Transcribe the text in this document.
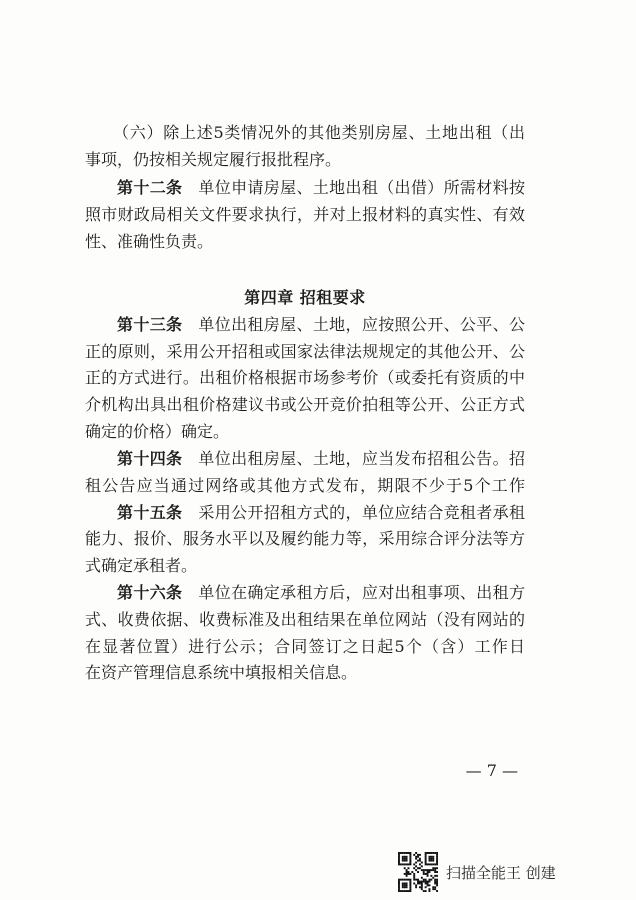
（六）除上述5类情况外的其他类别房屋、土地出租（出
事项，仍按相关规定履行报批程序。
第十二条 单位申请房屋、土地出租（出借）所需材料按
照市财政局相关文件要求执行，并对上报材料的真实性、有效
性、准确性负责。
第四章 招租要求
第十三条 单位出租房屋、土地，应按照公开、公平、公
正的原则，采用公开招租或国家法律法规规定的其他公开、公
正的方式进行。出租价格根据市场参考价（或委托有资质的中
介机构出具出租价格建议书或公开竞价拍租等公开、公正方式
确定的价格）确定。
第十四条 单位出租房屋、土地，应当发布招租公告。招
租公告应当通过网络或其他方式发布，期限不少于5个工作
第十五条 采用公开招租方式的，单位应结合竞租者承租
能力、报价、服务水平以及履约能力等，采用综合评分法等方
式确定承租者。
第十六条 单位在确定承租方后，应对出租事项、出租方
式、收费依据、收费标准及出租结果在单位网站（没有网站的
在显著位置）进行公示；合同签订之日起5个（含）工作日
在资产管理信息系统中填报相关信息。
— 7 —
扫描全能王 创建
